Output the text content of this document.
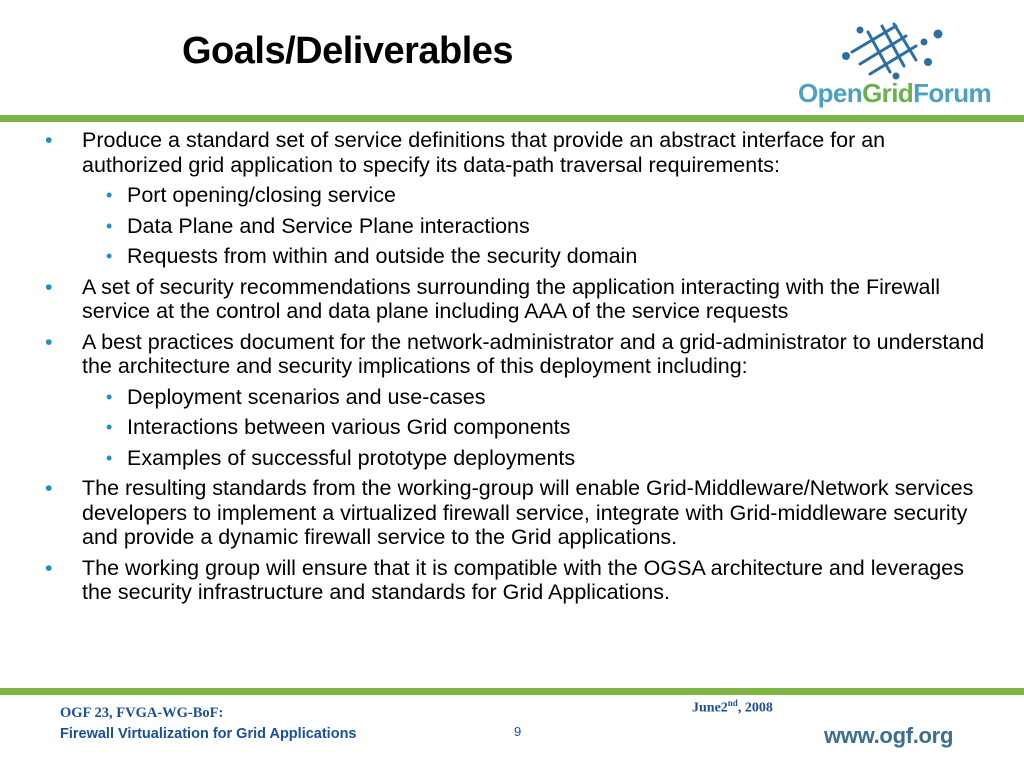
Goals/Deliverables
OpenGridForum
• Produce a standard set of service definitions that provide an abstract interface for an authorized grid application to specify its data-path traversal requirements:
• Port opening/closing service
• Data Plane and Service Plane interactions
• Requests from within and outside the security domain
• A set of security recommendations surrounding the application interacting with the Firewall service at the control and data plane including AAA of the service requests
• A best practices document for the network-administrator and a grid-administrator to understand the architecture and security implications of this deployment including:
• Deployment scenarios and use-cases
• Interactions between various Grid components
• Examples of successful prototype deployments
• The resulting standards from the working-group will enable Grid-Middleware/Network services developers to implement a virtualized firewall service, integrate with Grid-middleware security and provide a dynamic firewall service to the Grid applications.
• The working group will ensure that it is compatible with the OGSA architecture and leverages the security infrastructure and standards for Grid Applications.
OGF 23, FVGA-WG-BoF:
Firewall Virtualization for Grid Applications	9
June2nd, 2008
www.ogf.org
